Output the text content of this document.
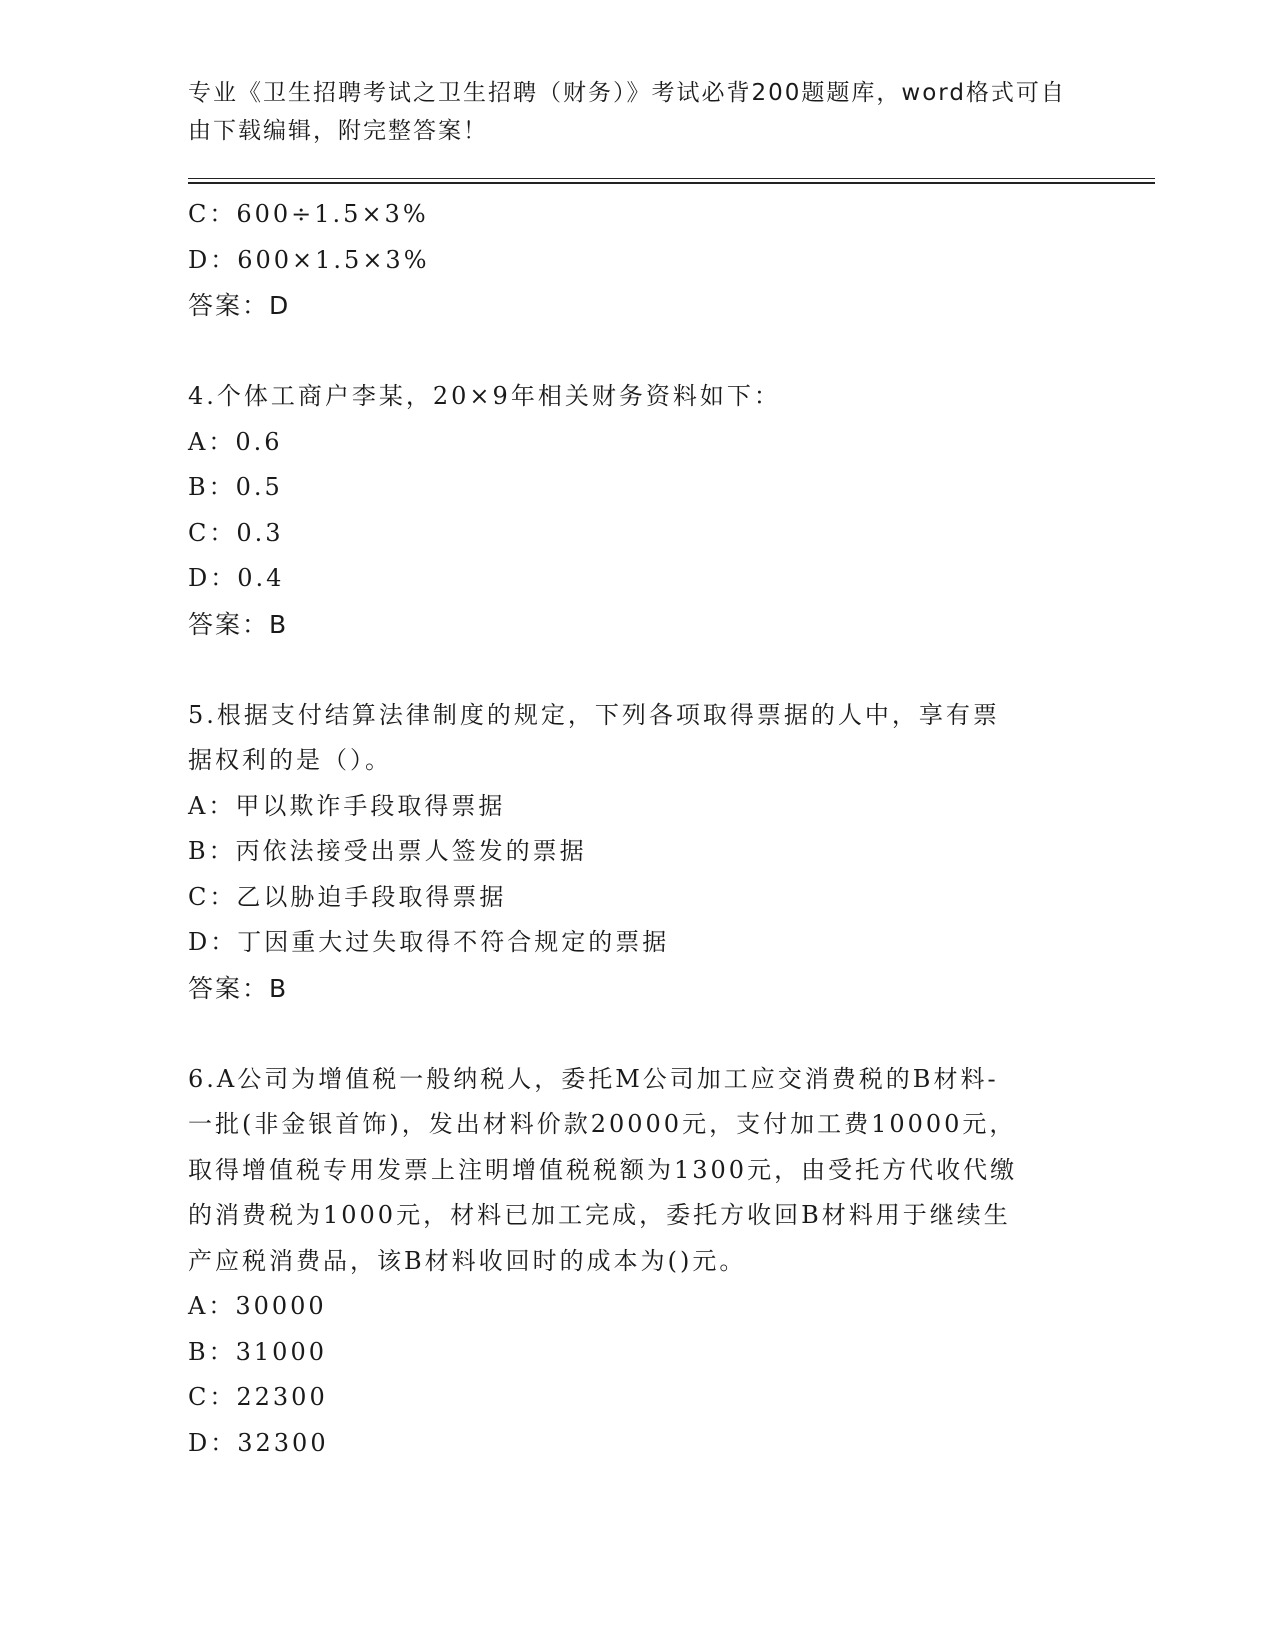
专业《卫生招聘考试之卫生招聘（财务）》考试必背200题题库，word格式可自
由下载编辑，附完整答案！
C：600÷1.5×3%
D：600×1.5×3%
答案：D
4.个体工商户李某，20×9年相关财务资料如下：
A：0.6
B：0.5
C：0.3
D：0.4
答案：B
5.根据支付结算法律制度的规定，下列各项取得票据的人中，享有票
据权利的是（）。
A：甲以欺诈手段取得票据
B：丙依法接受出票人签发的票据
C：乙以胁迫手段取得票据
D：丁因重大过失取得不符合规定的票据
答案：B
6.A公司为增值税一般纳税人，委托M公司加工应交消费税的B材料-
一批(非金银首饰)，发出材料价款20000元，支付加工费10000元，
取得增值税专用发票上注明增值税税额为1300元，由受托方代收代缴
的消费税为1000元，材料已加工完成，委托方收回B材料用于继续生
产应税消费品，该B材料收回时的成本为()元。
A：30000
B：31000
C：22300
D：32300
